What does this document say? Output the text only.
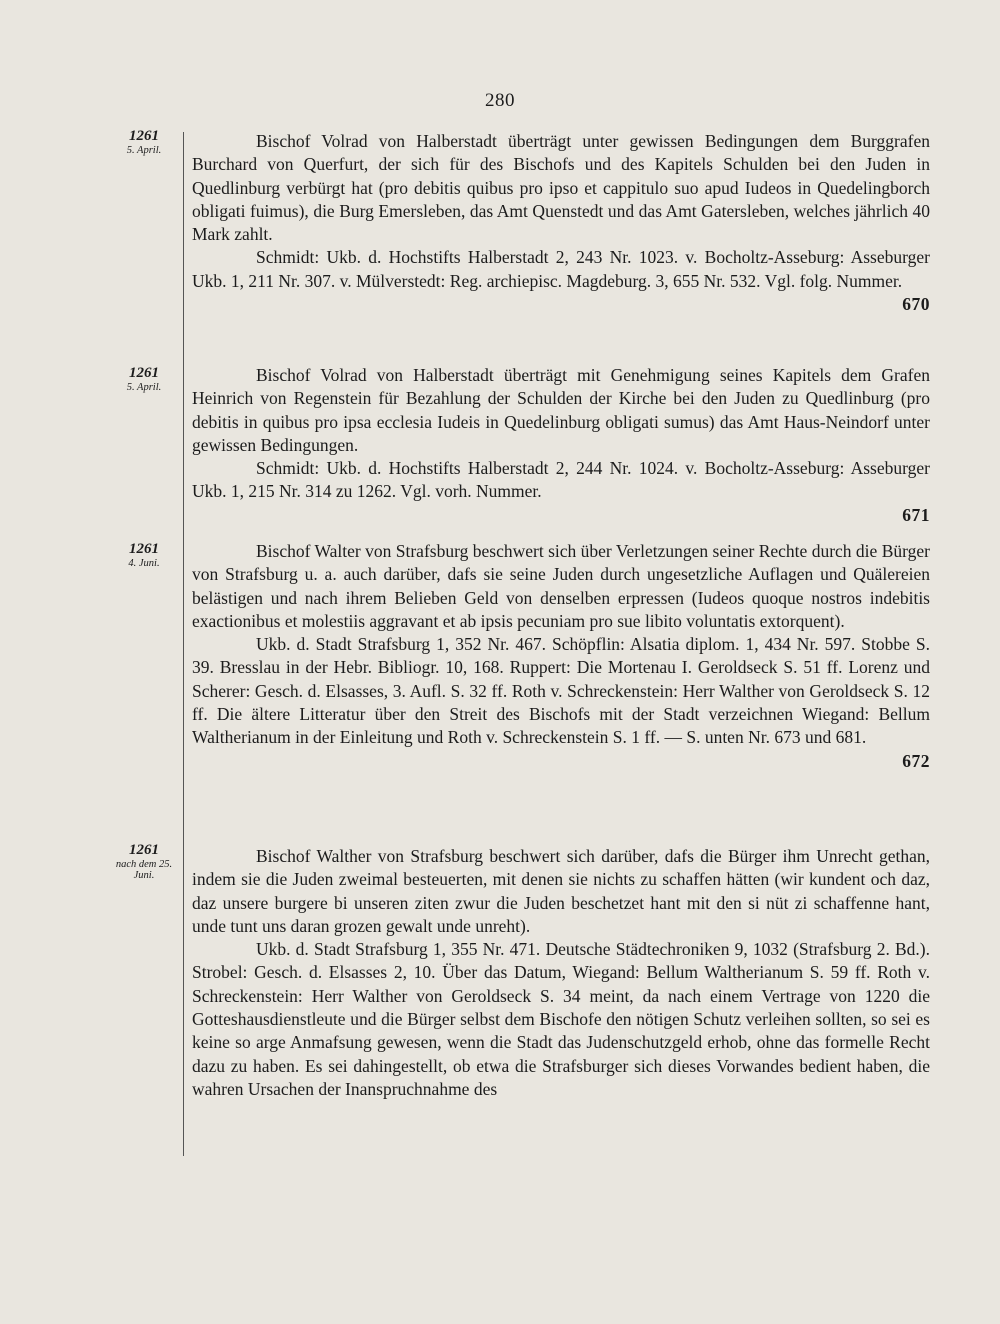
280
1261
5. April.	Bischof Volrad von Halberstadt überträgt unter gewissen Bedingungen dem Burggrafen Burchard von Querfurt, der sich für des Bischofs und des Kapitels Schulden bei den Juden in Quedlinburg verbürgt hat (pro debitis quibus pro ipso et cappitulo suo apud Iudeos in Quedelingborch obligati fuimus), die Burg Emersleben, das Amt Quenstedt und das Amt Gatersleben, welches jährlich 40 Mark zahlt.

Schmidt: Ukb. d. Hochstifts Halberstadt 2, 243 Nr. 1023. v. Bocholtz-Asseburg: Asseburger Ukb. 1, 211 Nr. 307. v. Mülverstedt: Reg. archiepisc. Magdeburg. 3, 655 Nr. 532. Vgl. folg. Nummer.

670
1261
5. April.

Bischof Volrad von Halberstadt überträgt mit Genehmigung seines Kapitels dem Grafen Heinrich von Regenstein für Bezahlung der Schulden der Kirche bei den Juden zu Quedlinburg (pro debitis in quibus pro ipsa ecclesia Iudeis in Quedelinburg obligati sumus) das Amt Haus-Neindorf unter gewissen Bedingungen.

Schmidt: Ukb. d. Hochstifts Halberstadt 2, 244 Nr. 1024. v. Bocholtz-Asseburg: Asseburger Ukb. 1, 215 Nr. 314 zu 1262. Vgl. vorh. Nummer.

671
1261
4. Juni.

Bischof Walter von Strafsburg beschwert sich über Verletzungen seiner Rechte durch die Bürger von Strafsburg u. a. auch darüber, dafs sie seine Juden durch ungesetzliche Auflagen und Quälereien belästigen und nach ihrem Belieben Geld von denselben erpressen (Iudeos quoque nostros indebitis exactionibus et molestiis aggravant et ab ipsis pecuniam pro sue libito voluntatis extorquent).

Ukb. d. Stadt Strafsburg 1, 352 Nr. 467. Schöpflin: Alsatia diplom. 1, 434 Nr. 597. Stobbe S. 39. Bresslau in der Hebr. Bibliogr. 10, 168. Ruppert: Die Mortenau I. Geroldseck S. 51 ff. Lorenz und Scherer: Gesch. d. Elsasses, 3. Aufl. S. 32 ff. Roth v. Schreckenstein: Herr Walther von Geroldseck S. 12 ff. Die ältere Litteratur über den Streit des Bischofs mit der Stadt verzeichnen Wiegand: Bellum Waltherianum in der Einleitung und Roth v. Schreckenstein S. 1 ff. — S. unten Nr. 673 und 681.

672
1261
nach dem 25. Juni.

Bischof Walther von Strafsburg beschwert sich darüber, dafs die Bürger ihm Unrecht gethan, indem sie die Juden zweimal besteuerten, mit denen sie nichts zu schaffen hätten (wir kundent och daz, daz unsere burgere bi unseren ziten zwur die Juden beschetzet hant mit den si nüt zi schaffenne hant, unde tunt uns daran grozen gewalt unde unreht).

Ukb. d. Stadt Strafsburg 1, 355 Nr. 471. Deutsche Städtechroniken 9, 1032 (Strafsburg 2. Bd.). Strobel: Gesch. d. Elsasses 2, 10. Über das Datum, Wiegand: Bellum Waltherianum S. 59 ff. Roth v. Schreckenstein: Herr Walther von Geroldseck S. 34 meint, da nach einem Vertrage von 1220 die Gotteshausdienstleute und die Bürger selbst dem Bischofe den nötigen Schutz verleihen sollten, so sei es keine so arge Anmafsung gewesen, wenn die Stadt das Judenschutzgeld erhob, ohne das formelle Recht dazu zu haben. Es sei dahingestellt, ob etwa die Strafsburger sich dieses Vorwandes bedient haben, die wahren Ursachen der Inanspruchnahme des
